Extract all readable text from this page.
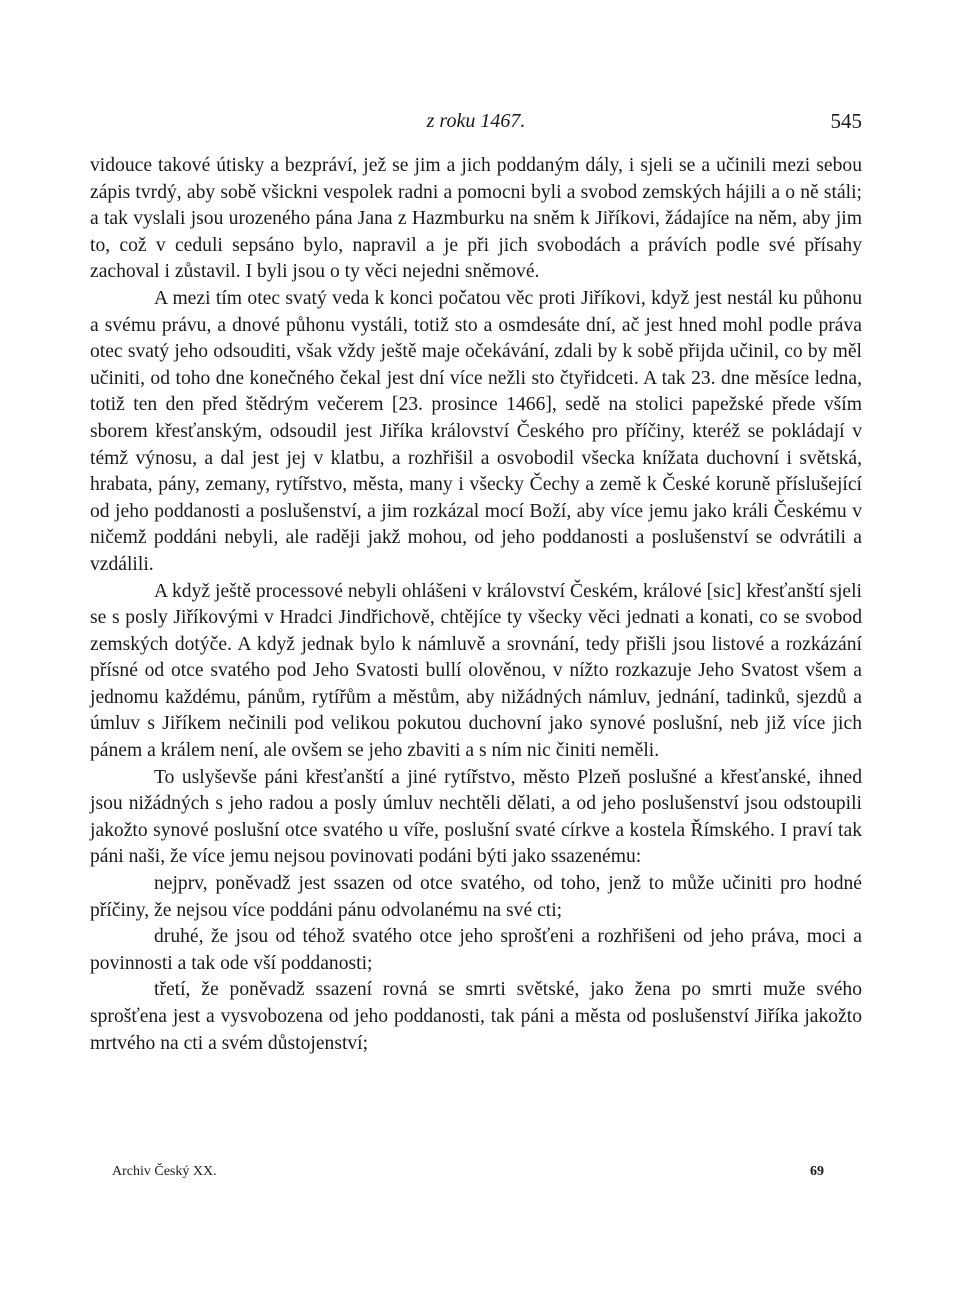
z roku 1467.	545

vidouce takové útisky a bezpráví, jež se jim a jich poddaným dály, i sjeli se a učinili mezi sebou zápis tvrdý, aby sobě všickni vespolek radni a pomocni byli a svobod zemských hájili a o ně stáli; a tak vyslali jsou urozeného pána Jana z Hazmburku na sněm k Jiříkovi, žádajíce na něm, aby jim to, což v ceduli sepsáno bylo, napravil a je při jich svobodách a právích podle své přísahy zachoval i zůstavil. I byli jsou o ty věci nejedni sněmové.

A mezi tím otec svatý veda k konci počatou věc proti Jiříkovi, když jest nestál ku půhonu a svému právu, a dnové půhonu vystáli, totiž sto a osmdesáte dní, ač jest hned mohl podle práva otec svatý jeho odsouditi, však vždy ještě maje očekávání, zdali by k sobě přijda učinil, co by měl učiniti, od toho dne konečného čekal jest dní více nežli sto čtyřidceti. A tak 23. dne měsíce ledna, totiž ten den před štědrým večerem [23. prosince 1466], sedě na stolici papežské přede vším sborem křesťanským, odsoudil jest Jiříka království Českého pro příčiny, kteréž se pokládají v témž výnosu, a dal jest jej v klatbu, a rozhřišil a osvobodil všecka knížata duchovní i světská, hrabata, pány, zemany, rytířstvo, města, many i všecky Čechy a země k České koruně příslušející od jeho poddanosti a poslušenství, a jim rozkázal mocí Boží, aby více jemu jako králi Českému v ničemž poddáni nebyli, ale raději jakž mohou, od jeho poddanosti a poslušenství se odvrátili a vzdálili.

A když ještě processové nebyli ohlášeni v království Českém, králové [sic] křesťanští sjeli se s posly Jiříkovými v Hradci Jindřichově, chtějíce ty všecky věci jednati a konati, co se svobod zemských dotýče. A když jednak bylo k námluvě a srovnání, tedy přišli jsou listové a rozkázání přísné od otce svatého pod Jeho Svatosti bullí olověnou, v nížto rozkazuje Jeho Svatost všem a jednomu každému, pánům, rytířům a městům, aby nižádných námluv, jednání, tadinků, sjezdů a úmluv s Jiříkem nečinili pod velikou pokutou duchovní jako synové poslušní, neb již více jich pánem a králem není, ale ovšem se jeho zbaviti a s ním nic činiti neměli.

To uslyševše páni křesťanští a jiné rytířstvo, město Plzeň poslušné a křesťanské, ihned jsou nižádných s jeho radou a posly úmluv nechtěli dělati, a od jeho poslušenství jsou odstoupili jakožto synové poslušní otce svatého u víře, poslušní svaté církve a kostela Římského. I praví tak páni naši, že více jemu nejsou povinovati podáni býti jako ssazenému:

nejprv, poněvadž jest ssazen od otce svatého, od toho, jenž to může učiniti pro hodné příčiny, že nejsou více poddáni pánu odvolanému na své cti;

druhé, že jsou od téhož svatého otce jeho sprošťeni a rozhřišeni od jeho práva, moci a povinnosti a tak ode vší poddanosti;

třetí, že poněvadž ssazení rovná se smrti světské, jako žena po smrti muže svého sprošťena jest a vysvobozena od jeho poddanosti, tak páni a města od poslušenství Jiříka jakožto mrtvého na cti a svém důstojenství;

Archiv Český XX.	69
